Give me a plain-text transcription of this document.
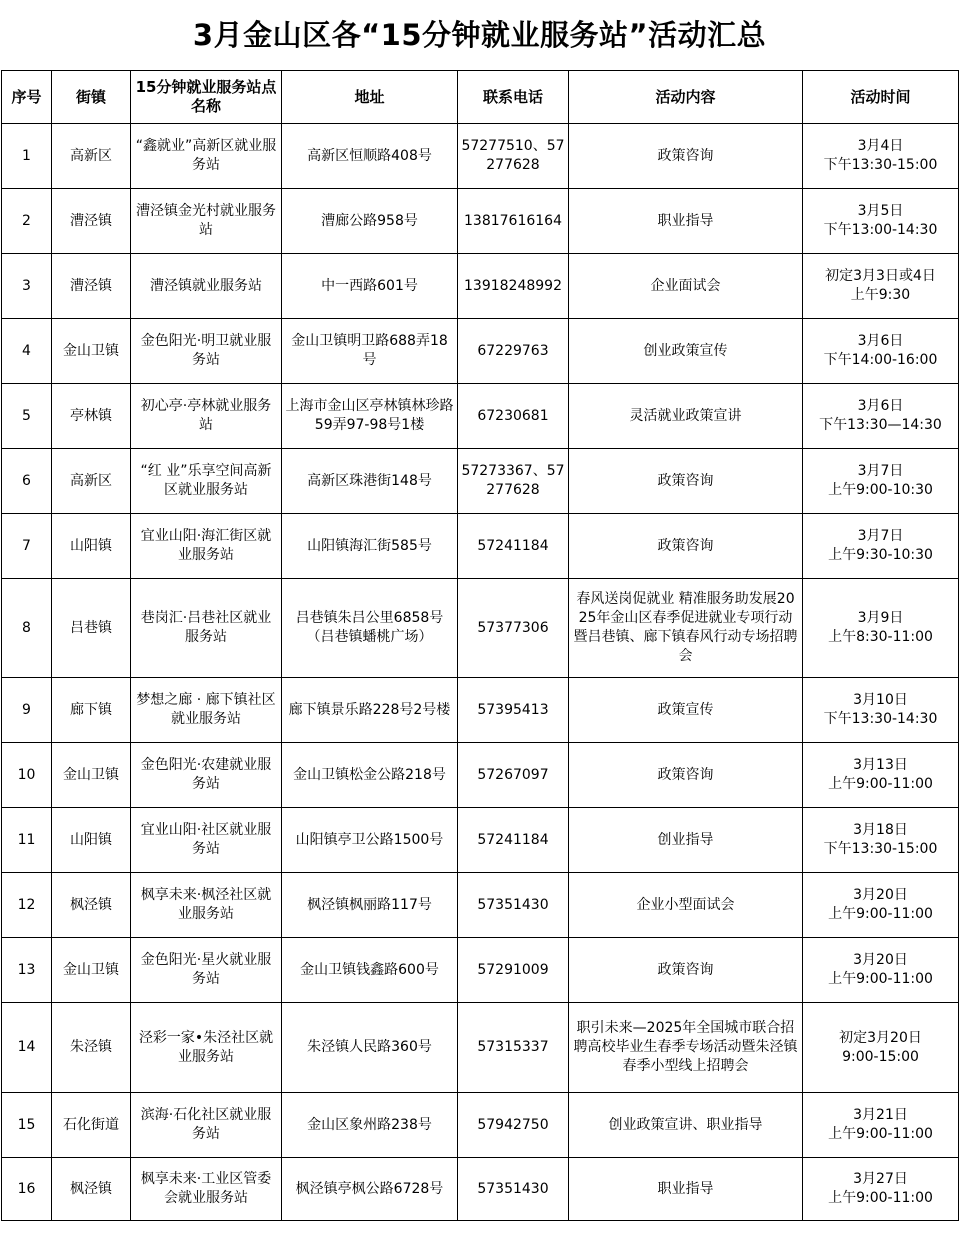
3月金山区各“15分钟就业服务站”活动汇总
序号	街镇	15分钟就业服务站点名称	地址	联系电话	活动内容	活动时间
1	高新区	“鑫就业”高新区就业服务站	高新区恒顺路408号	57277510、57277628	政策咨询	3月4日
下午13:30-15:00

2	漕泾镇	漕泾镇金光村就业服务站	漕廊公路958号	13817616164	职业指导	3月5日
下午13:00-14:30

3	漕泾镇	漕泾镇就业服务站	中一西路601号	13918248992	企业面试会	初定3月3日或4日
上午9:30

4	金山卫镇	金色阳光·明卫就业服务站	金山卫镇明卫路688弄18号	67229763	创业政策宣传	3月6日
下午14:00-16:00

5	亭林镇	初心亭·亭林就业服务站	上海市金山区亭林镇林珍路59弄97-98号1楼	67230681	灵活就业政策宣讲	3月6日
下午13:30—14:30

6	高新区	“红 业”乐享空间高新区就业服务站	高新区珠港街148号	57273367、57277628	政策咨询	3月7日
上午9:00-10:30

7	山阳镇	宜业山阳·海汇街区就业服务站	山阳镇海汇街585号	57241184	政策咨询	3月7日
上午9:30-10:30

8	吕巷镇	巷岗汇·吕巷社区就业服务站	吕巷镇朱吕公里6858号（吕巷镇蟠桃广场）	57377306	春风送岗促就业 精准服务助发展2025年金山区春季促进就业专项行动暨吕巷镇、廊下镇春风行动专场招聘会	3月9日
上午8:30-11:00

9	廊下镇	梦想之廊 · 廊下镇社区就业服务站	廊下镇景乐路228号2号楼	57395413	政策宣传	3月10日
下午13:30-14:30

10	金山卫镇	金色阳光·农建就业服务站	金山卫镇松金公路218号	57267097	政策咨询	3月13日
上午9:00-11:00

11	山阳镇	宜业山阳·社区就业服务站	山阳镇亭卫公路1500号	57241184	创业指导	3月18日
下午13:30-15:00

12	枫泾镇	枫享未来·枫泾社区就业服务站	枫泾镇枫丽路117号	57351430	企业小型面试会	3月20日
上午9:00-11:00

13	金山卫镇	金色阳光·星火就业服务站	金山卫镇钱鑫路600号	57291009	政策咨询	3月20日
上午9:00-11:00

14	朱泾镇	泾彩一家•朱泾社区就业服务站	朱泾镇人民路360号	57315337	职引未来—2025年全国城市联合招聘高校毕业生春季专场活动暨朱泾镇春季小型线上招聘会	初定3月20日
9:00-15:00

15	石化街道	滨海·石化社区就业服务站	金山区象州路238号	57942750	创业政策宣讲、职业指导	3月21日
上午9:00-11:00

16	枫泾镇	枫享未来·工业区管委会就业服务站	枫泾镇亭枫公路6728号	57351430	职业指导	3月27日
上午9:00-11:00
